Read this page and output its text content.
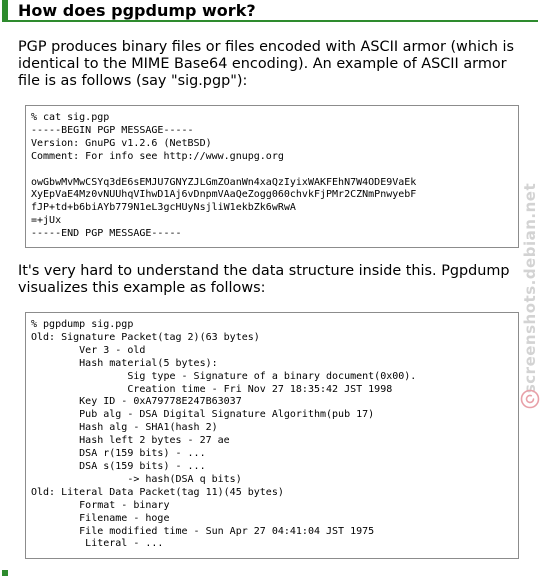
How does pgpdump work?

PGP produces binary files or files encoded with ASCII armor (which is identical to the MIME Base64 encoding). An example of ASCII armor file is as follows (say "sig.pgp"):

% cat sig.pgp
-----BEGIN PGP MESSAGE-----
Version: GnuPG v1.2.6 (NetBSD)
Comment: For info see http://www.gnupg.org

owGbwMvMwCSYq3dE6sEMJU7GNYZJLGmZOanWn4xaQzIyixWAKFEhN7W4ODE9VaEk
XyEpVaE4Mz0vNUUhqVIhwD1Aj6vDnpmVAaQeZogg060chvkFjPMr2CZNmPnwyebF
fJP+td+b6biAYb779N1eL3gcHUyNsjliW1ekbZk6wRwA
=+jUx
-----END PGP MESSAGE-----

It's very hard to understand the data structure inside this. Pgpdump visualizes this example as follows:

% pgpdump sig.pgp
Old: Signature Packet(tag 2)(63 bytes)
Ver 3 - old
Hash material(5 bytes):
Sig type - Signature of a binary document(0x00).
Creation time - Fri Nov 27 18:35:42 JST 1998
Key ID - 0xA79778E247B63037
Pub alg - DSA Digital Signature Algorithm(pub 17)
Hash alg - SHA1(hash 2)
Hash left 2 bytes - 27 ae
DSA r(159 bits) - ...
DSA s(159 bits) - ...
-> hash(DSA q bits)
Old: Literal Data Packet(tag 11)(45 bytes)
Format - binary
Filename - hoge
File modified time - Sun Apr 27 04:41:04 JST 1975
Literal - ...
screenshots.debian.net
